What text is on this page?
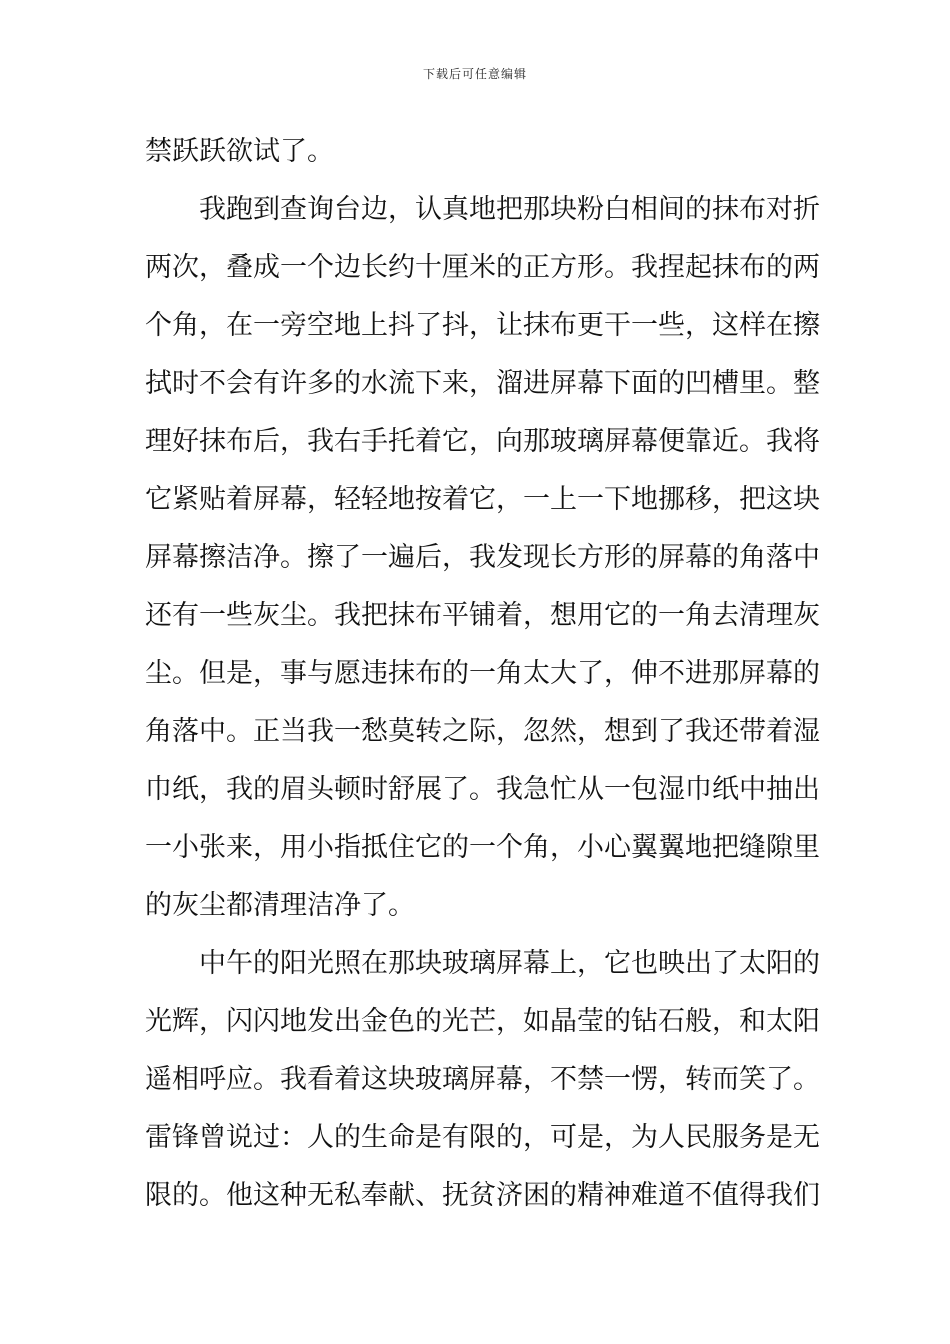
下载后可任意编辑
禁跃跃欲试了。
我跑到查询台边，认真地把那块粉白相间的抹布对折
两次，叠成一个边长约十厘米的正方形。我捏起抹布的两
个角，在一旁空地上抖了抖，让抹布更干一些，这样在擦
拭时不会有许多的水流下来，溜进屏幕下面的凹槽里。整
理好抹布后，我右手托着它，向那玻璃屏幕便靠近。我将
它紧贴着屏幕，轻轻地按着它，一上一下地挪移，把这块
屏幕擦洁净。擦了一遍后，我发现长方形的屏幕的角落中
还有一些灰尘。我把抹布平铺着，想用它的一角去清理灰
尘。但是，事与愿违抹布的一角太大了，伸不进那屏幕的
角落中。正当我一愁莫转之际，忽然，想到了我还带着湿
巾纸，我的眉头顿时舒展了。我急忙从一包湿巾纸中抽出
一小张来，用小指抵住它的一个角，小心翼翼地把缝隙里
的灰尘都清理洁净了。
中午的阳光照在那块玻璃屏幕上，它也映出了太阳的
光辉，闪闪地发出金色的光芒，如晶莹的钻石般，和太阳
遥相呼应。我看着这块玻璃屏幕，不禁一愣，转而笑了。
雷锋曾说过：人的生命是有限的，可是，为人民服务是无
限的。他这种无私奉献、抚贫济困的精神难道不值得我们
